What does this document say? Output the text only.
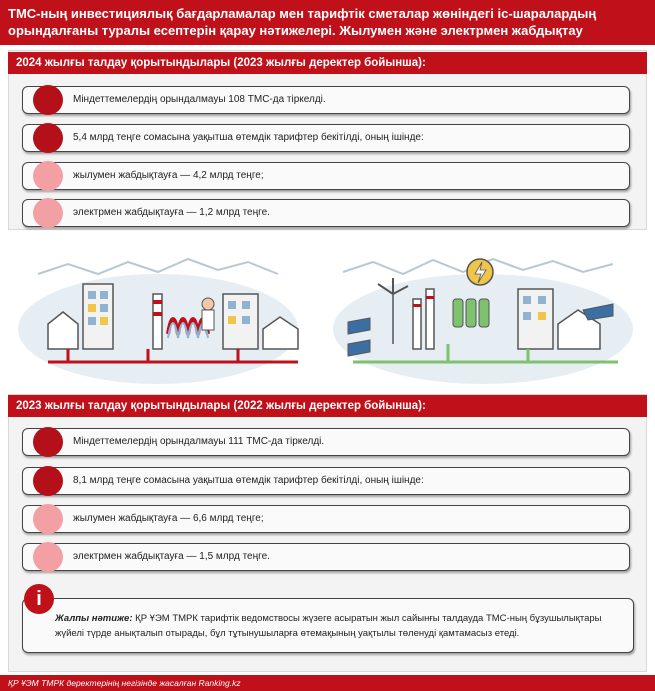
ТМС-ның инвестициялық бағдарламалар мен тарифтік сметалар жөніндегі іс-шаралардың орындалғаны туралы есептерін қарау нәтижелері. Жылумен және электрмен жабдықтау
2024 жылғы талдау қорытындылары (2023 жылғы деректер бойынша):
Міндеттемелердің орындалмауы 108 ТМС-да тіркелді.
5,4 млрд теңге сомасына уақытша өтемдік тарифтер бекітілді, оның ішінде:
жылумен жабдықтауға — 4,2 млрд теңге;
электрмен жабдықтауға — 1,2 млрд теңге.
2023 жылғы талдау қорытындылары (2022 жылғы деректер бойынша):
Міндеттемелердің орындалмауы 111 ТМС-да тіркелді.
8,1 млрд теңге сомасына уақытша өтемдік тарифтер бекітілді, оның ішінде:
жылумен жабдықтауға — 6,6 млрд теңге;
электрмен жабдықтауға — 1,5 млрд теңге.
Жалпы нәтиже: ҚР ҰЭМ ТМРК тарифтік ведомствосы жүзеге асыратын жыл сайынғы талдауда ТМС-ның бұзушылықтары жүйелі түрде анықталып отырады, бұл тұтынушыларға өтемақының уақтылы төленуді қамтамасыз етеді.
i
ҚР ҰЭМ ТМРК деректерінің негізінде жасалған Ranking.kz
